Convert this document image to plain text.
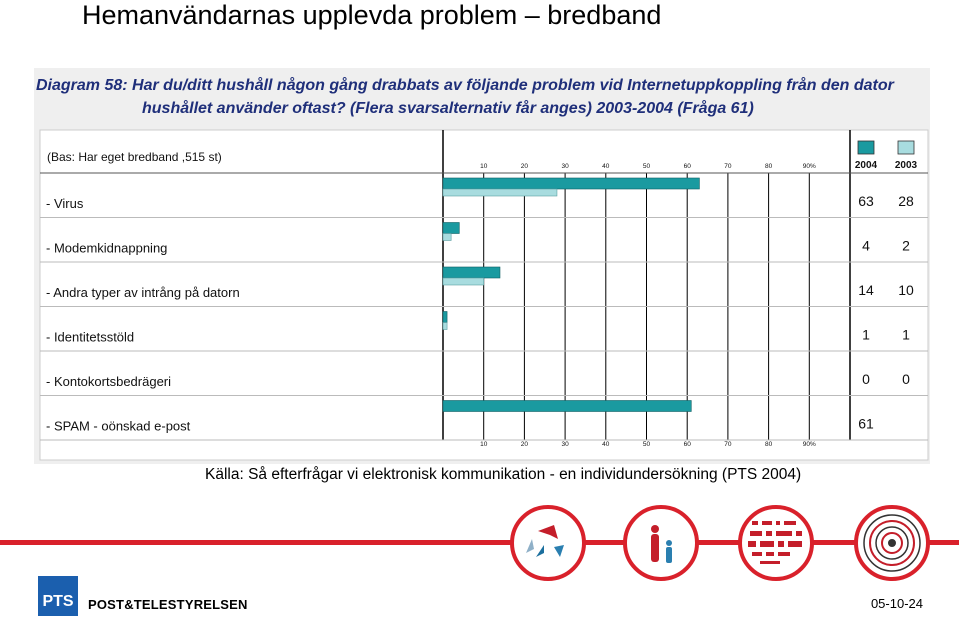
Hemanvändarnas upplevda problem – bredband
Diagram 58: Har du/ditt hushåll någon gång drabbats av följande problem vid Internetuppkoppling från den dator
hushållet använder oftast? (Flera svarsalternativ får anges) 2003-2004 (Fråga 61)
(Bas: Har eget bredband ,515 st)
10
10
20
20
30
30
40
40
50
50
60
60
70
70
80
80
90%
90%
2004 2003
- Virus	63 28
- Modemkidnappning	4 2
- Andra typer av intrång på datorn	14 10
- Identitetsstöld	1 1
- Kontokortsbedrägeri	0 0
- SPAM - oönskad e-post	61
Källa: Så efterfrågar vi elektronisk kommunikation - en individundersökning (PTS 2004)
PTS POST&TELESTYRELSEN	05-10-24
